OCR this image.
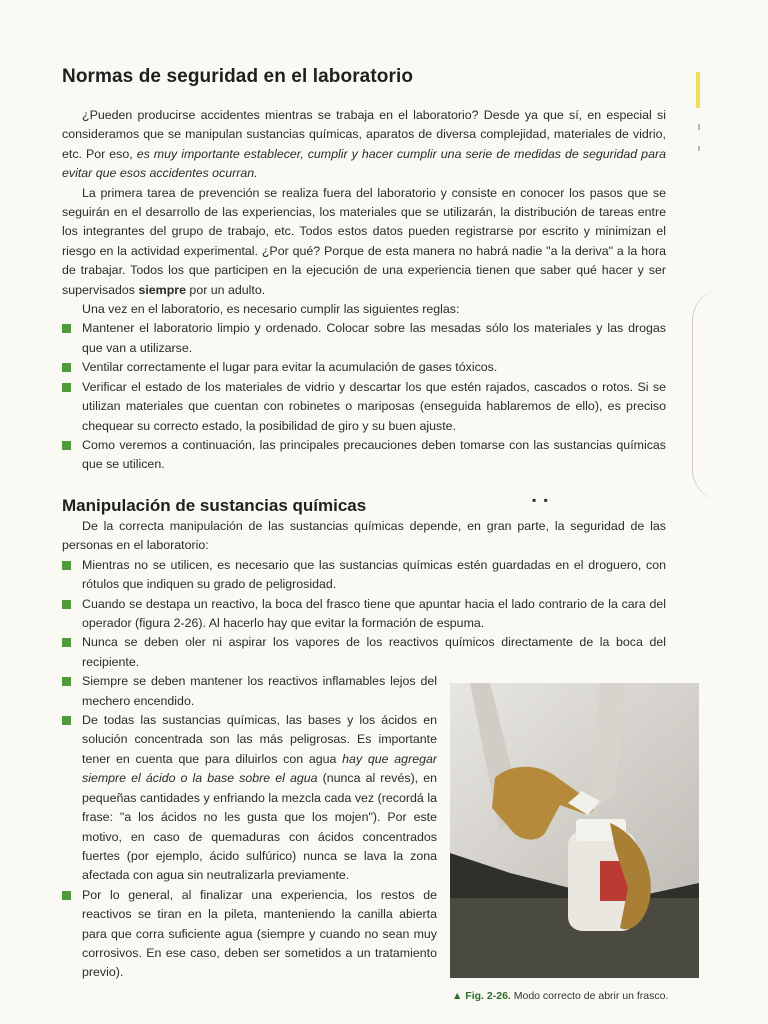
Normas de seguridad en el laboratorio

¿Pueden producirse accidentes mientras se trabaja en el laboratorio? Desde ya que sí, en especial si consideramos que se manipulan sustancias químicas, aparatos de diversa complejidad, materiales de vidrio, etc. Por eso, es muy importante establecer, cumplir y hacer cumplir una serie de medidas de seguridad para evitar que esos accidentes ocurran.

La primera tarea de prevención se realiza fuera del laboratorio y consiste en conocer los pasos que se seguirán en el desarrollo de las experiencias, los materiales que se utilizarán, la distribución de tareas entre los integrantes del grupo de trabajo, etc. Todos estos datos pueden registrarse por escrito y minimizan el riesgo en la actividad experimental. ¿Por qué? Porque de esta manera no habrá nadie "a la deriva" a la hora de trabajar. Todos los que participen en la ejecución de una experiencia tienen que saber qué hacer y ser supervisados siempre por un adulto.

Una vez en el laboratorio, es necesario cumplir las siguientes reglas:

Mantener el laboratorio limpio y ordenado. Colocar sobre las mesadas sólo los materiales y las drogas que van a utilizarse.
Ventilar correctamente el lugar para evitar la acumulación de gases tóxicos.
Verificar el estado de los materiales de vidrio y descartar los que estén rajados, cascados o rotos. Si se utilizan materiales que cuentan con robinetes o mariposas (enseguida hablaremos de ello), es preciso chequear su correcto estado, la posibilidad de giro y su buen ajuste.
Como veremos a continuación, las principales precauciones deben tomarse con las sustancias químicas que se utilicen.
▪ ▪
Manipulación de sustancias químicas

De la correcta manipulación de las sustancias químicas depende, en gran parte, la seguridad de las personas en el laboratorio:

Mientras no se utilicen, es necesario que las sustancias químicas estén guardadas en el droguero, con rótulos que indiquen su grado de peligrosidad.
Cuando se destapa un reactivo, la boca del frasco tiene que apuntar hacia el lado contrario de la cara del operador (figura 2-26). Al hacerlo hay que evitar la formación de espuma.
Nunca se deben oler ni aspirar los vapores de los reactivos químicos directamente de la boca del recipiente.
Siempre se deben mantener los reactivos inflamables lejos del mechero encendido.
De todas las sustancias químicas, las bases y los ácidos en solución concentrada son las más peligrosas. Es importante tener en cuenta que para diluirlos con agua hay que agregar siempre el ácido o la base sobre el agua (nunca al revés), en pequeñas cantidades y enfriando la mezcla cada vez (recordá la frase: "a los ácidos no les gusta que los mojen"). Por este motivo, en caso de quemaduras con ácidos concentrados fuertes (por ejemplo, ácido sulfúrico) nunca se lava la zona afectada con agua sin neutralizarla previamente.
Por lo general, al finalizar una experiencia, los restos de reactivos se tiran en la pileta, manteniendo la canilla abierta para que corra suficiente agua (siempre y cuando no sean muy corrosivos. En ese caso, deben ser sometidos a un tratamiento previo).
▲ Fig. 2-26. Modo correcto de abrir un frasco.
